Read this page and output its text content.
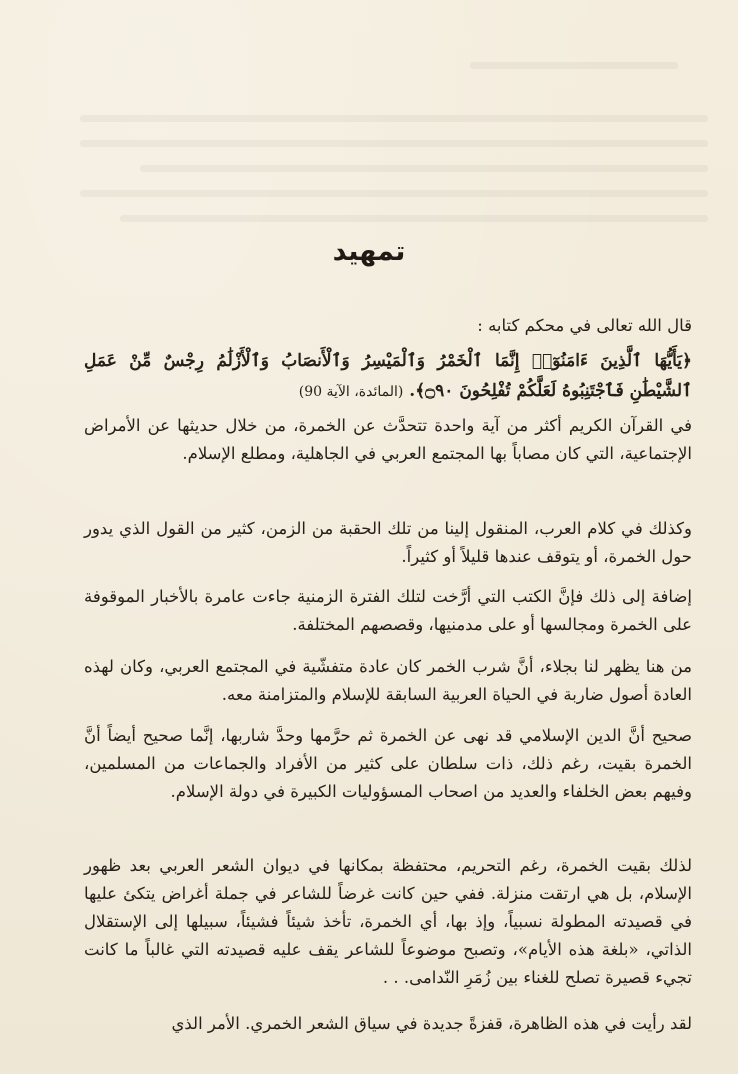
تمهيد
قال الله تعالى في محكم كتابه :
﴿يَأَيُّهَا ٱلَّذِينَ ءَامَنُوٓا۟ إِنَّمَا ٱلْخَمْرُ وَٱلْمَيْسِرُ وَٱلْأَنصَابُ وَٱلْأَزْلَٰمُ رِجْسٌ مِّنْ عَمَلِ ٱلشَّيْطَٰنِ فَٱجْتَنِبُوهُ لَعَلَّكُمْ تُفْلِحُونَ ۝٩٠﴾. (المائدة، الآية 90)
في القرآن الكريم أكثر من آية واحدة تتحدَّث عن الخمرة، من خلال حديثها عن الأمراض الإجتماعية، التي كان مصاباً بها المجتمع العربي في الجاهلية، ومطلع الإسلام.
وكذلك في كلام العرب، المنقول إلينا من تلك الحقبة من الزمن، كثير من القول الذي يدور حول الخمرة، أو يتوقف عندها قليلاً أو كثيراً.
إضافة إلى ذلك فإنَّ الكتب التي أرَّخت لتلك الفترة الزمنية جاءت عامرة بالأخبار الموقوفة على الخمرة ومجالسها أو على مدمنيها، وقصصهم المختلفة.
من هنا يظهر لنا بجلاء، أنَّ شرب الخمر كان عادة متفشّية في المجتمع العربي، وكان لهذه العادة أصول ضاربة في الحياة العربية السابقة للإسلام والمتزامنة معه.
صحيح أنَّ الدين الإسلامي قد نهى عن الخمرة ثم حرَّمها وحدَّ شاربها، إنَّما صحيح أيضاً أنَّ الخمرة بقيت، رغم ذلك، ذات سلطان على كثير من الأفراد والجماعات من المسلمين، وفيهم بعض الخلفاء والعديد من اصحاب المسؤوليات الكبيرة في دولة الإسلام.
لذلك بقيت الخمرة، رغم التحريم، محتفظة بمكانها في ديوان الشعر العربي بعد ظهور الإسلام، بل هي ارتقت منزلة. ففي حين كانت غرضاً للشاعر في جملة أغراض يتكئ عليها في قصيدته المطولة نسبياً، وإذ بها، أي الخمرة، تأخذ شيئاً فشيئاً، سبيلها إلى الإستقلال الذاتي، «بلغة هذه الأيام»، وتصبح موضوعاً للشاعر يقف عليه قصيدته التي غالباً ما كانت تجيء قصيرة تصلح للغناء بين زُمَرِ النّدامى. . .
لقد رأيت في هذه الظاهرة، قفزةً جديدة في سياق الشعر الخمري. الأمر الذي
